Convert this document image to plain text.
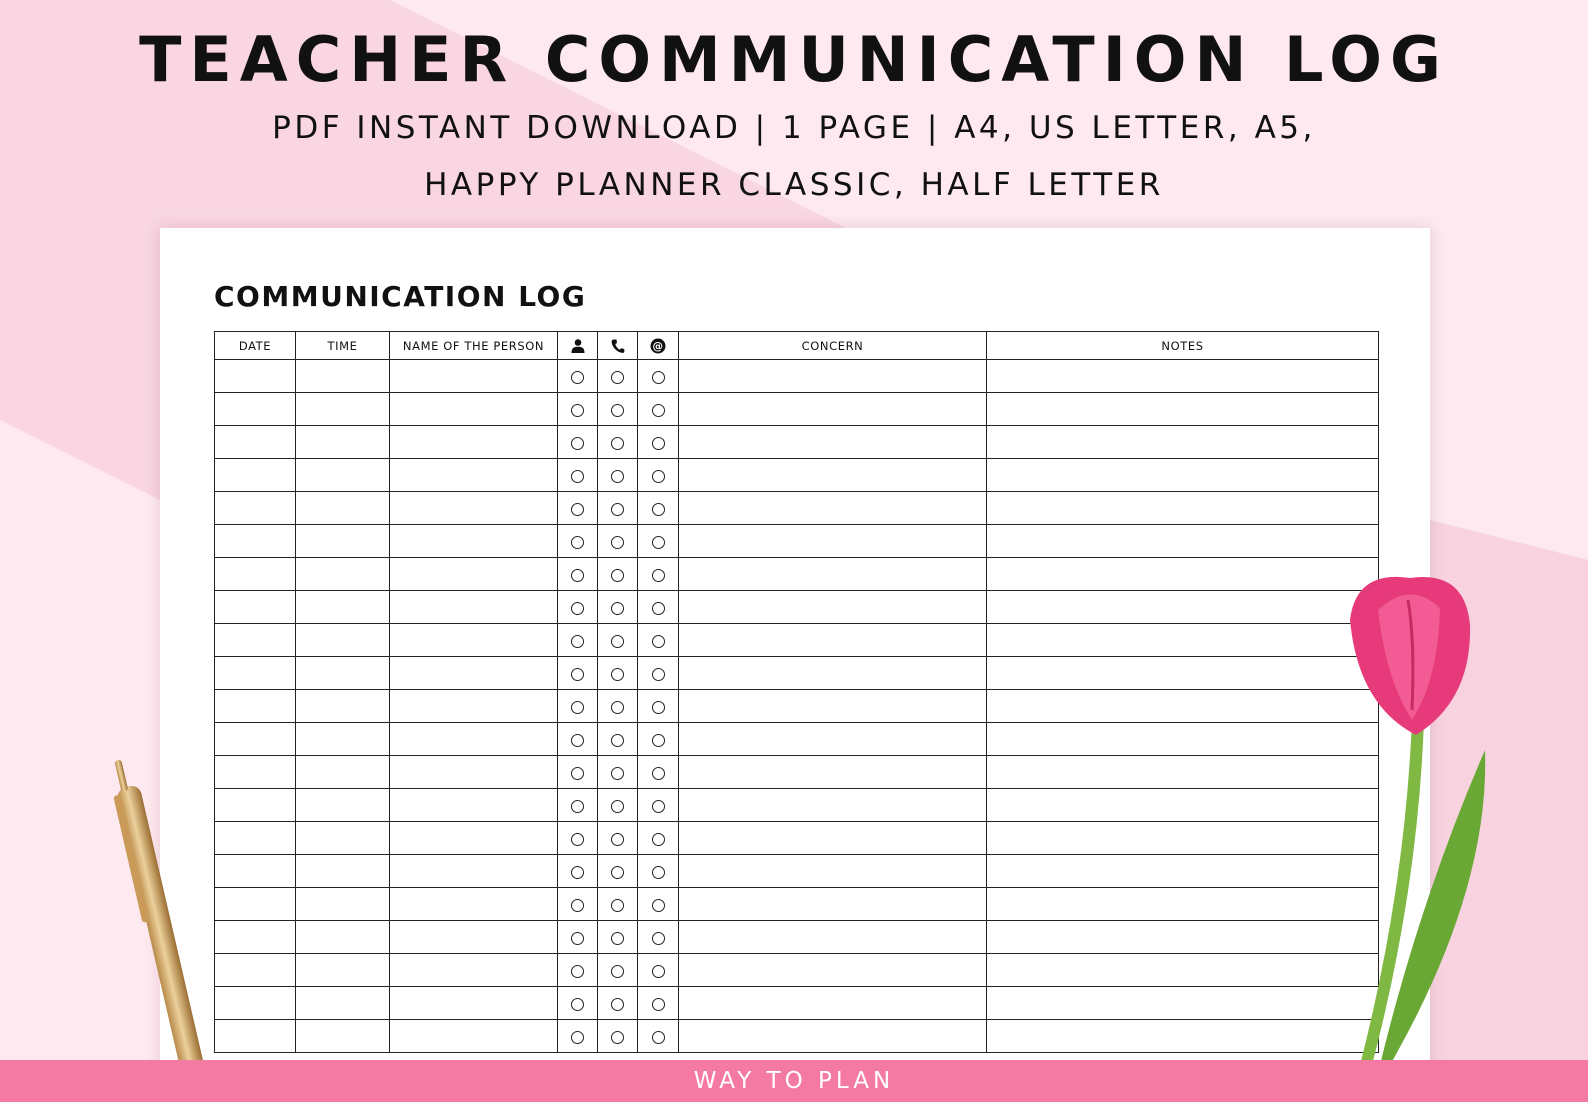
TEACHER COMMUNICATION LOG
PDF INSTANT DOWNLOAD | 1 PAGE | A4, US LETTER, A5,
HAPPY PLANNER CLASSIC, HALF LETTER
COMMUNICATION LOG
DATE	TIME	NAME OF THE PERSON			@	CONCERN	NOTES

WAY TO PLAN
